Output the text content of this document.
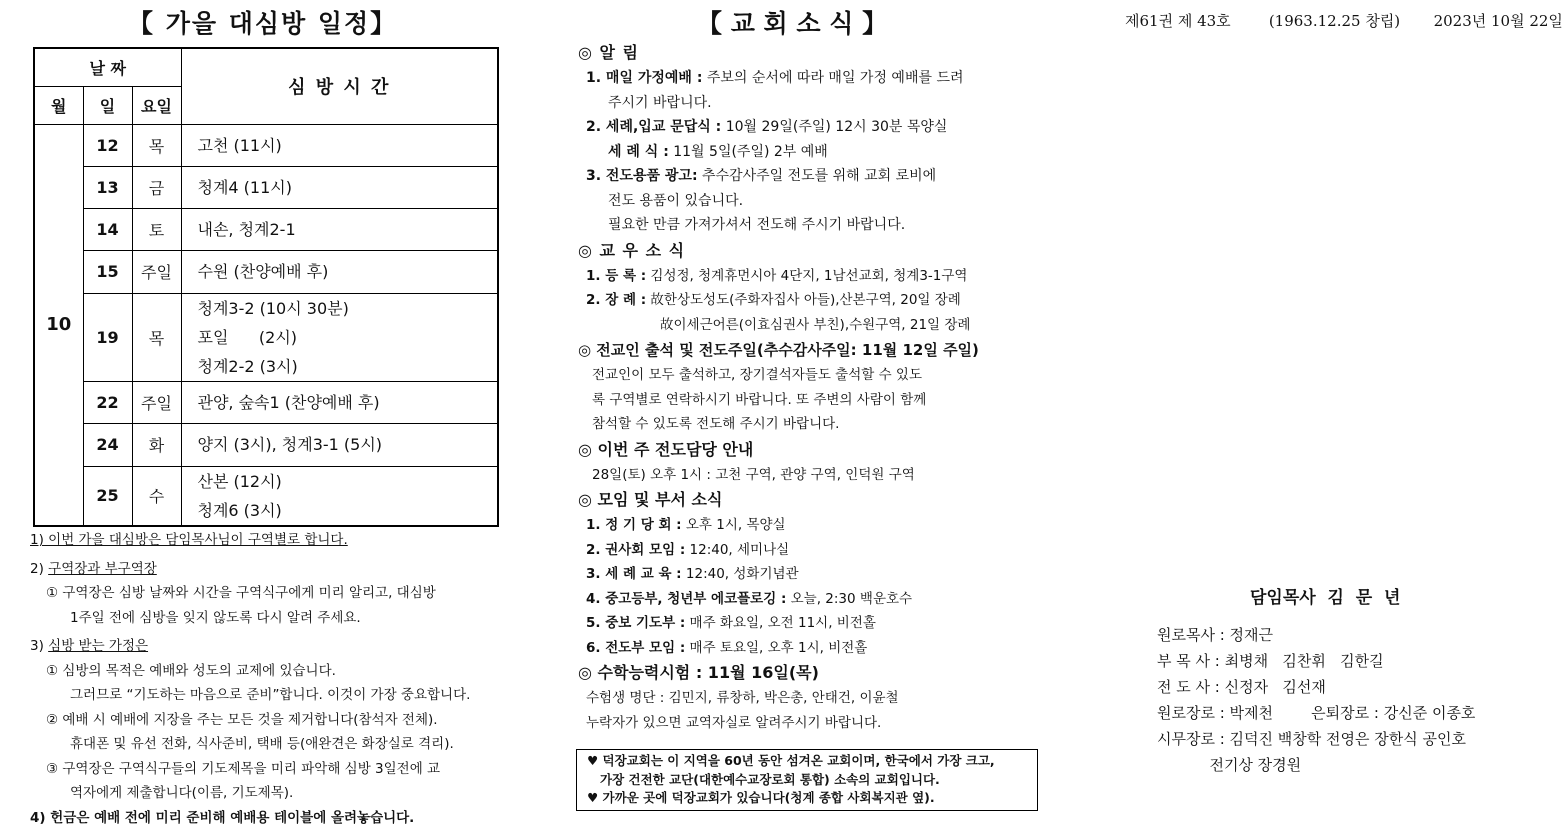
【 가을 대심방 일정】
날 짜			심 방 시 간
월	일	요일	
10	12	목	고천 (11시)
	13	금	청계4 (11시)
	14	토	내손, 청계2-1
	15	주일	수원 (찬양예배 후)
	19	목	청계3-2 (10시 30분)
포일      (2시)
청계2-2 (3시)

	22	주일	관양, 숲속1 (찬양예배 후)
	24	화	양지 (3시), 청계3-1 (5시)
	25	수	산본 (12시)
청계6 (3시)

1) 이번 가을 대심방은 담임목사님이 구역별로 합니다.

2) 구역장과 부구역장

① 구역장은 심방 날짜와 시간을 구역식구에게 미리 알리고, 대심방

1주일 전에 심방을 잊지 않도록 다시 알려 주세요.

3) 심방 받는 가정은

① 심방의 목적은 예배와 성도의 교제에 있습니다.

그러므로 “기도하는 마음으로 준비”합니다. 이것이 가장 중요합니다.

② 예배 시 예배에 지장을 주는 모든 것을 제거합니다(참석자 전체).

휴대폰 및 유선 전화, 식사준비, 택배 등(애완견은 화장실로 격리).

③ 구역장은 구역식구들의 기도제목을 미리 파악해 심방 3일전에 교

역자에게 제출합니다(이름, 기도제목).

4) 헌금은 예배 전에 미리 준비해 예배용 테이블에 올려놓습니다.

【 교 회 소 식 】
◎ 알 림
1. 매일 가정예배 : 주보의 순서에 따라 매일 가정 예배를 드려
주시기 바랍니다.
2. 세례,입교 문답식 : 10월 29일(주일) 12시 30분 목양실
세 례 식 : 11월 5일(주일) 2부 예배
3. 전도용품 광고: 추수감사주일 전도를 위해 교회 로비에
전도 용품이 있습니다.
필요한 만큼 가져가셔서 전도해 주시기 바랍니다.
◎ 교 우 소 식
1. 등 록 : 김성정, 청계휴먼시아 4단지, 1남선교회, 청계3-1구역
2. 장 례 : 故한상도성도(주화자집사 아들),산본구역, 20일 장례
故이세근어른(이효심권사 부친),수원구역, 21일 장례
◎ 전교인 출석 및 전도주일(추수감사주일: 11월 12일 주일)
전교인이 모두 출석하고, 장기결석자들도 출석할 수 있도
록 구역별로 연락하시기 바랍니다. 또 주변의 사람이 함께
참석할 수 있도록 전도해 주시기 바랍니다.
◎ 이번 주 전도담당 안내
28일(토) 오후 1시 : 고천 구역, 관양 구역, 인덕원 구역
◎ 모임 및 부서 소식
1. 정 기 당 회 : 오후 1시, 목양실
2. 권사회 모임 : 12:40, 세미나실
3. 세 례 교 육 : 12:40, 성화기념관
4. 중고등부, 청년부 에코플로깅 : 오늘, 2:30 백운호수
5. 중보 기도부 : 매주 화요일, 오전 11시, 비전홀
6. 전도부 모임 : 매주 토요일, 오후 1시, 비전홀
◎ 수학능력시험 : 11월 16일(목)
수험생 명단 : 김민지, 류창하, 박은총, 안태건, 이윤철
누락자가 있으면 교역자실로 알려주시기 바랍니다.
♥ 덕장교회는 이 지역을 60년 동안 섬겨온 교회이며, 한국에서 가장 크고,
가장 건전한 교단(대한예수교장로회 통합) 소속의 교회입니다.
♥ 가까운 곳에 덕장교회가 있습니다(청계 종합 사회복지관 옆).
제61권 제 43호	(1963.12.25 창립) 2023년 10월 22일
담임목사  김  문  년
원로목사 : 정재근
부 목 사 : 최병채   김찬휘   김한길
전 도 사 : 신정자   김선재
원로장로 : 박제천        은퇴장로 : 강신준 이종호
시무장로 : 김덕진 백창학 전영은 장한식 공인호
전기상 장경원
